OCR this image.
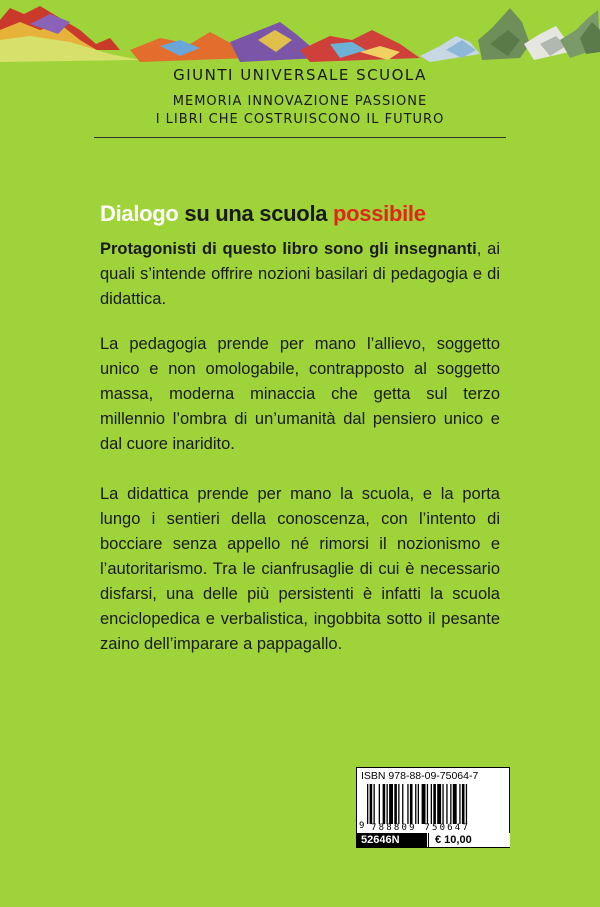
GIUNTI UNIVERSALE SCUOLA
MEMORIA INNOVAZIONE PASSIONE
I LIBRI CHE COSTRUISCONO IL FUTURO
Dialogo su una scuola possibile
Protagonisti di questo libro sono gli insegnanti, ai quali s’intende offrire nozioni basilari di pedagogia e di didattica.
La pedagogia prende per mano l’allievo, soggetto unico e non omologabile, contrapposto al soggetto massa, moderna minaccia che getta sul terzo millennio l’ombra di un’umanità dal pensiero unico e dal cuore inaridito.
La didattica prende per mano la scuola, e la porta lungo i sentieri della conoscenza, con l’intento di bocciare senza appello né rimorsi il nozionismo e l’autoritarismo. Tra le cianfrusaglie di cui è necessario disfarsi, una delle più persistenti è infatti la scuola enciclopedica e verbalistica, ingobbita sotto il pesante zaino dell’imparare a pappagallo.
ISBN 978-88-09-75064-7
9 788809 750647
52646N	€ 10,00
